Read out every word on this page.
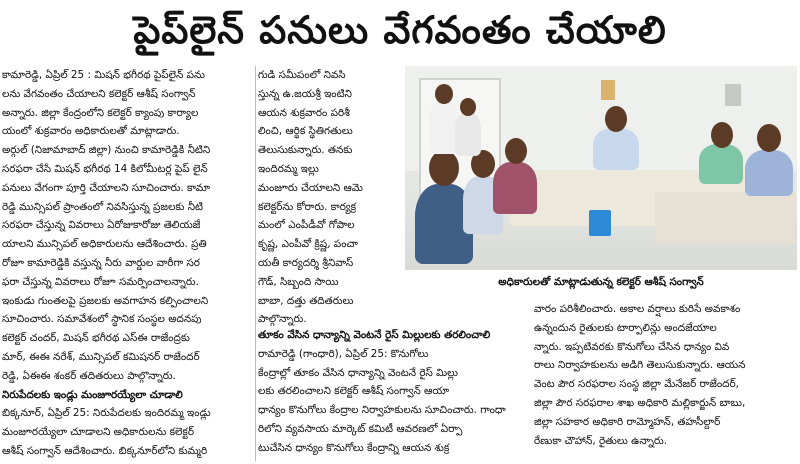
పైప్‌లైన్ పనులు వేగవంతం చేయాలి

కామారెడ్డి, ఏప్రిల్ 25 : మిషన్ భగీరథ పైప్‌లైన్ పను

లను వేగవంతం చేయాలని కలెక్టర్ ఆశీష్ సంగ్వాన్

అన్నారు. జిల్లా కేంద్రంలోని కలెక్టర్ క్యాంపు కార్యాల

యంలో శుక్రవారం అధికారులతో మాట్లాడారు.

అర్గుల్ (నిజామాబాద్ జిల్లా) నుంచి కామారెడ్డికి నీటిని

సరఫరా చేసే మిషన్ భగీరథ 14 కిలోమీటర్ల పైప్ లైన్

పనులు వేగంగా పూర్తి చేయాలని సూచించారు. కామా

రెడ్డి మున్సిపల్ ప్రాంతంలో నివసిస్తున్న ప్రజలకు నీటి

సరఫరా చేస్తున్న వివరాలు ఏరోజుకారోజు తెలియజే

యాలని మున్సిపల్ అధికారులను ఆదేశించారు. ప్రతి

రోజూ కామారెడ్డికి వస్తున్న నీరు వార్డుల వారీగా సర

ఫరా చేస్తున్న వివరాలు రోజూ సమర్పించాలన్నారు.

ఇంకుడు గుంతలపై ప్రజలకు అవగాహన కల్పించాలని

సూచించారు. సమావేశంలో స్థానిక సంస్థల అదనపు

కలెక్టర్ చందర్, మిషన్ భగీరథ ఎస్ఈ రాజేంద్రకు

మార్, ఈఈ నరేశ్, మున్సిపల్ కమిషనర్ రాజేందర్

రెడ్డి, ఏఈఈ శంకర్ తదితరులు పాల్గొన్నారు.

నిరుపేదలకు ఇండ్లు మంజూరయ్యేలా చూడాలి

బిక్కనూర్, ఏప్రిల్ 25: నిరుపేదలకు ఇందిరమ్మ ఇండ్లు

మంజూరయ్యేలా చూడాలని అధికారులను కలెక్టర్

ఆశీష్ సంగ్వాన్ ఆదేశించారు. బిక్కనూర్‌లోని కుమ్మరి

గుడి సమీపంలో నివసి

స్తున్న ఉ.జయశ్రీ ఇంటిని

ఆయన శుక్రవారం పరిశీ

లించి, ఆర్థిక స్థితిగతులు

తెలుసుకున్నారు. తనకు

ఇందిరమ్మ ఇల్లు

మంజూరు చేయాలని ఆమె

కలెక్టర్‌ను కోరారు. కార్యక్ర

మంలో ఎంపీడీవో గోపాల

కృష్ణ, ఎంపీవో క్రిష్ణ, పంచా

యతీ కార్యదర్శి శ్రీనివాస్

గౌడ్, సిబ్బంది సాయి

బాబా, దత్తు తదితరులు

పాల్గొన్నారు.

అధికారులతో మాట్లాడుతున్న కలెక్టర్ ఆశీష్ సంగ్వాన్

తూకం వేసిన ధాన్యాన్ని వెంటనే రైస్ మిల్లులకు తరలించాలి

రామారెడ్డి (గాంధారి), ఏప్రిల్ 25: కొనుగోలు

కేంద్రాల్లో తూకం వేసిన ధాన్యాన్ని వెంటనే రైస్ మిల్లు

లకు తరలించాలని కలెక్టర్ ఆశీష్ సంగ్వాన్ ఆయా

ధాన్యం కొనుగోలు కేంద్రాల నిర్వాహకులను సూచించారు. గాంధా

రిలోని వ్యవసాయ మార్కెట్ కమిటీ ఆవరణలో ఏర్పా

టుచేసిన ధాన్యం కొనుగోలు కేంద్రాన్ని ఆయన శుక్ర

వారం పరిశీలించారు. అకాల వర్షాలు కురిసే అవకాశం

ఉన్నందున రైతులకు టార్పాలిన్లు అందజేయాల

న్నారు. ఇప్పటివరకు కొనుగోలు చేసిన ధాన్యం వివ

రాలు నిర్వాహకులను అడిగి తెలుసుకున్నారు. ఆయన

వెంట పౌర సరఫరాల సంస్థ జిల్లా మేనేజర్ రాజేందర్,

జిల్లా పౌర సరఫరాల శాఖ అధికారి మల్లికార్జున్ బాబు,

జిల్లా సహకార అధికారి రామ్మోహన్, తహసీల్దార్

రేణుకా చౌహాన్, రైతులు ఉన్నారు.
